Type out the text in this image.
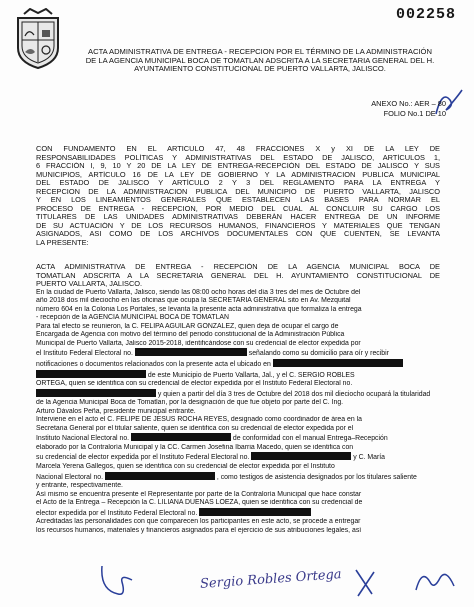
002258
ACTA ADMINISTRATIVA DE ENTREGA - RECEPCION POR EL TÉRMINO DE LA ADMINISTRACIÓN
DE LA AGENCIA MUNICIPAL BOCA DE TOMATLAN ADSCRITA A LA SECRETARIA GENERAL DEL H.
AYUNTAMIENTO CONSTITUCIONAL DE PUERTO VALLARTA, JALISCO.
ANEXO No.: AER – 80
FOLIO No.1 DE 10
CON FUNDAMENTO EN EL ARTICULO 47, 48 FRACCIONES X y XI DE LA LEY DE
RESPONSABILIDADES POLÍTICAS Y ADMINISTRATIVAS DEL ESTADO DE JALISCO, ARTÍCULOS 1,
6 FRACCIÓN I, 9, 10 Y 20 DE LA LEY DE ENTREGA-RECEPCIÓN DEL ESTADO DE JALISCO Y SUS
MUNICIPIOS, ARTÍCULO 16 DE LA LEY DE GOBIERNO Y LA ADMINISTRACION PUBLICA MUNICIPAL
DEL ESTADO DE JALISCO Y ARTÍCULO 2 Y 3 DEL REGLAMENTO PARA LA ENTREGA Y
RECEPCION DE LA ADMINISTRACION PUBLICA DEL MUNICIPIO DE PUERTO VALLARTA, JALISCO
Y EN LOS LINEAMIENTOS GENERALES QUE ESTABLECEN LAS BASES PARA NORMAR EL
PROCESO DE ENTREGA - RECEPCION, POR MEDIO DEL CUAL AL CONCLUIR SU CARGO LOS
TITULARES DE LAS UNIDADES ADMINISTRATIVAS DEBERÁN HACER ENTREGA DE UN INFORME
DE SU ACTUACIÓN Y DE LOS RECURSOS HUMANOS, FINANCIEROS Y MATERIALES QUE TENGAN
ASIGNADOS, ASI COMO DE LOS ARCHIVOS DOCUMENTALES CON QUE CUENTEN, SE LEVANTA
LA PRESENTE:
ACTA ADMINISTRATIVA DE ENTREGA - RECEPCIÓN DE LA AGENCIA MUNICIPAL BOCA DE
TOMATLAN ADSCRITA A LA SECRETARIA GENERAL DEL H. AYUNTAMIENTO CONSTITUCIONAL DE
PUERTO VALLARTA, JALISCO.
En la ciudad de Puerto Vallarta, Jalisco, siendo las 08:00 ocho horas del día 3 tres del mes de Octubre del
año 2018 dos mil dieciocho en las oficinas que ocupa la SECRETARIA GENERAL sito en Av. Mezquital
número 604 en la Colonia Los Portales, se levanta la presente acta administrativa que formaliza la entrega
- recepción de la AGENCIA MUNICIPAL BOCA DE TOMATLAN
Para tal efecto se reunieron, la C. FELIPA AGUILAR GONZALEZ, quien deja de ocupar el cargo de
Encargada de Agencia con motivo del término del periodo constitucional de la Administración Pública
Municipal de Puerto Vallarta, Jalisco 2015-2018, identificándose con su credencial de elector expedida por
el Instituto Federal Electoral no.	señalando como su domicilio para oír y recibir
notificaciones o documentos relacionados con la presente acta el ubicado en
de este Municipio de Puerto Vallarta, Jal., y el C. SERGIO ROBLES
ORTEGA, quien se identifica con su credencial de elector expedida por el Instituto Federal Electoral no.
y quien a partir del día 3 tres de Octubre del 2018 dos mil dieciocho ocupará la titularidad
de la Agencia Municipal Boca de Tomatlan, por la designación de que fue objeto por parte del C. Ing.
Arturo Dávalos Peña, presidente municipal entrante.
Interviene en el acto el C. FELIPE DE JESUS ROCHA REYES, designado como coordinador de área en la
Secretaria General por el titular saliente, quien se identifica con su credencial de elector expedida por el
Instituto Nacional Electoral no.	de conformidad con el manual Entrega–Recepción
elaborado por la Contraloría Municipal y la CC. Carmen Josefina Ibarria Macedo, quien se identifica con
su credencial de elector expedida por el Instituto Federal Electoral no.	y C. María
Marcela Yerena Gallegos, quien se identifica con su credencial de elector expedida por el Instituto
Nacional Electoral no.	, como testigos de asistencia designados por los titulares saliente
y entrante, respectivamente.
Así mismo se encuentra presente el Representante por parte de la Contraloría Municipal que hace constar
el Acto de la Entrega – Recepción la C. LILIANA DUEÑAS LOEZA, quien se identifica con su credencial de
elector expedida por el Instituto Federal Electoral no.
Acreditadas las personalidades con que comparecen los participantes en este acto, se procede a entregar
los recursos humanos, materiales y financieros asignados para el ejercicio de sus atribuciones legales, así
Sergio Robles Ortega
